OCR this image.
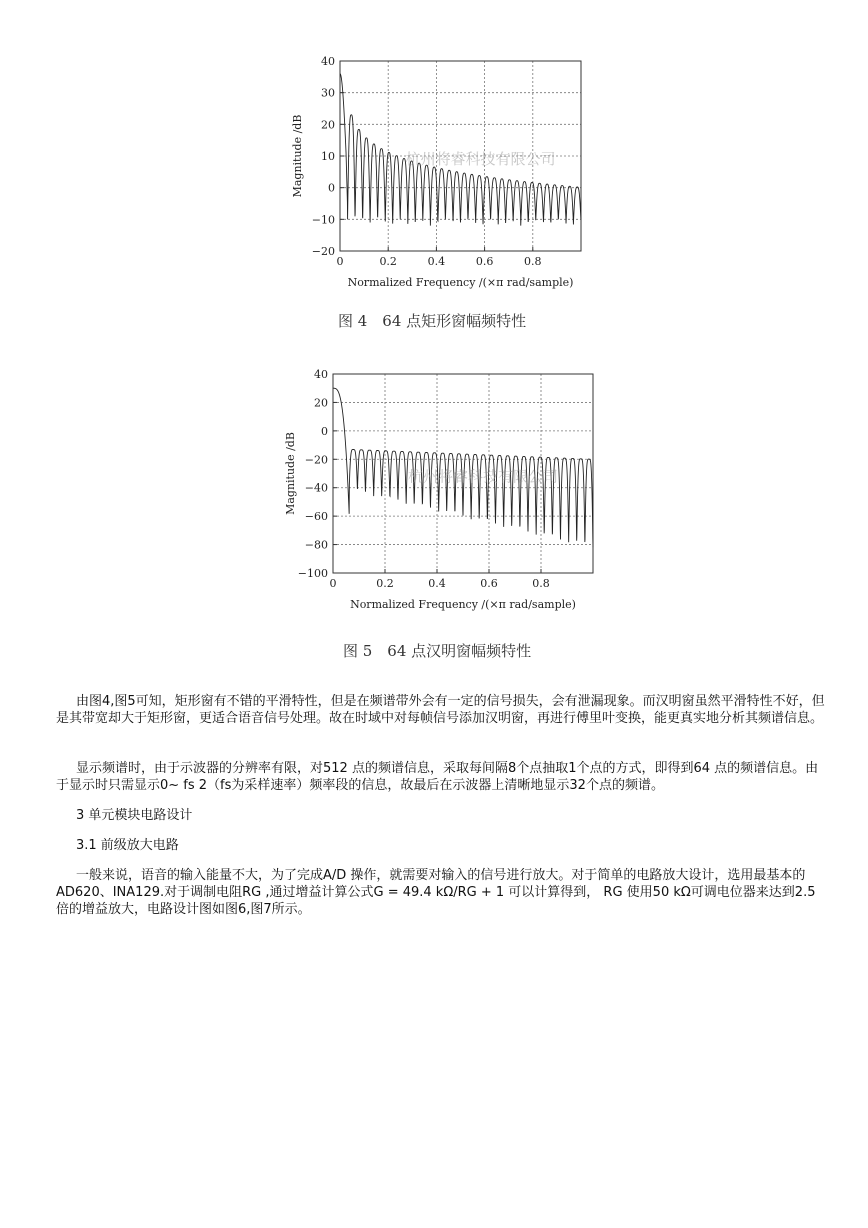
0	0.2	0.4	0.6	0.8
40
30
20
10
0
−10
−20
Normalized Frequency /(×π rad/sample)
Magnitude /dB	杭州将睿科技有限公司
图 4　64 点矩形窗幅频特性
0	0.2	0.4	0.6	0.8
40
20
0
−20
−40
−60
−80
−100
Normalized Frequency /(×π rad/sample)
Magnitude /dB	杭州将睿科技有限公司
图 5　64 点汉明窗幅频特性

由图4,图5可知，矩形窗有不错的平滑特性，但是在频谱带外会有一定的信号损失，会有泄漏现象。而汉明窗虽然平滑特性不好，但是其带宽却大于矩形窗，更适合语音信号处理。故在时域中对每帧信号添加汉明窗，再进行傅里叶变换，能更真实地分析其频谱信息。

显示频谱时，由于示波器的分辨率有限，对512 点的频谱信息，采取每间隔8个点抽取1个点的方式，即得到64 点的频谱信息。由于显示时只需显示0~ fs 2（fs为采样速率）频率段的信息，故最后在示波器上清晰地显示32个点的频谱。

3 单元模块电路设计

3.1 前级放大电路

一般来说，语音的输入能量不大，为了完成A/D 操作，就需要对输入的信号进行放大。对于简单的电路放大设计，选用最基本的AD620、INA129.对于调制电阻RG ,通过增益计算公式G = 49.4 kΩ/RG + 1 可以计算得到， RG 使用50 kΩ可调电位器来达到2.5 倍的增益放大，电路设计图如图6,图7所示。
